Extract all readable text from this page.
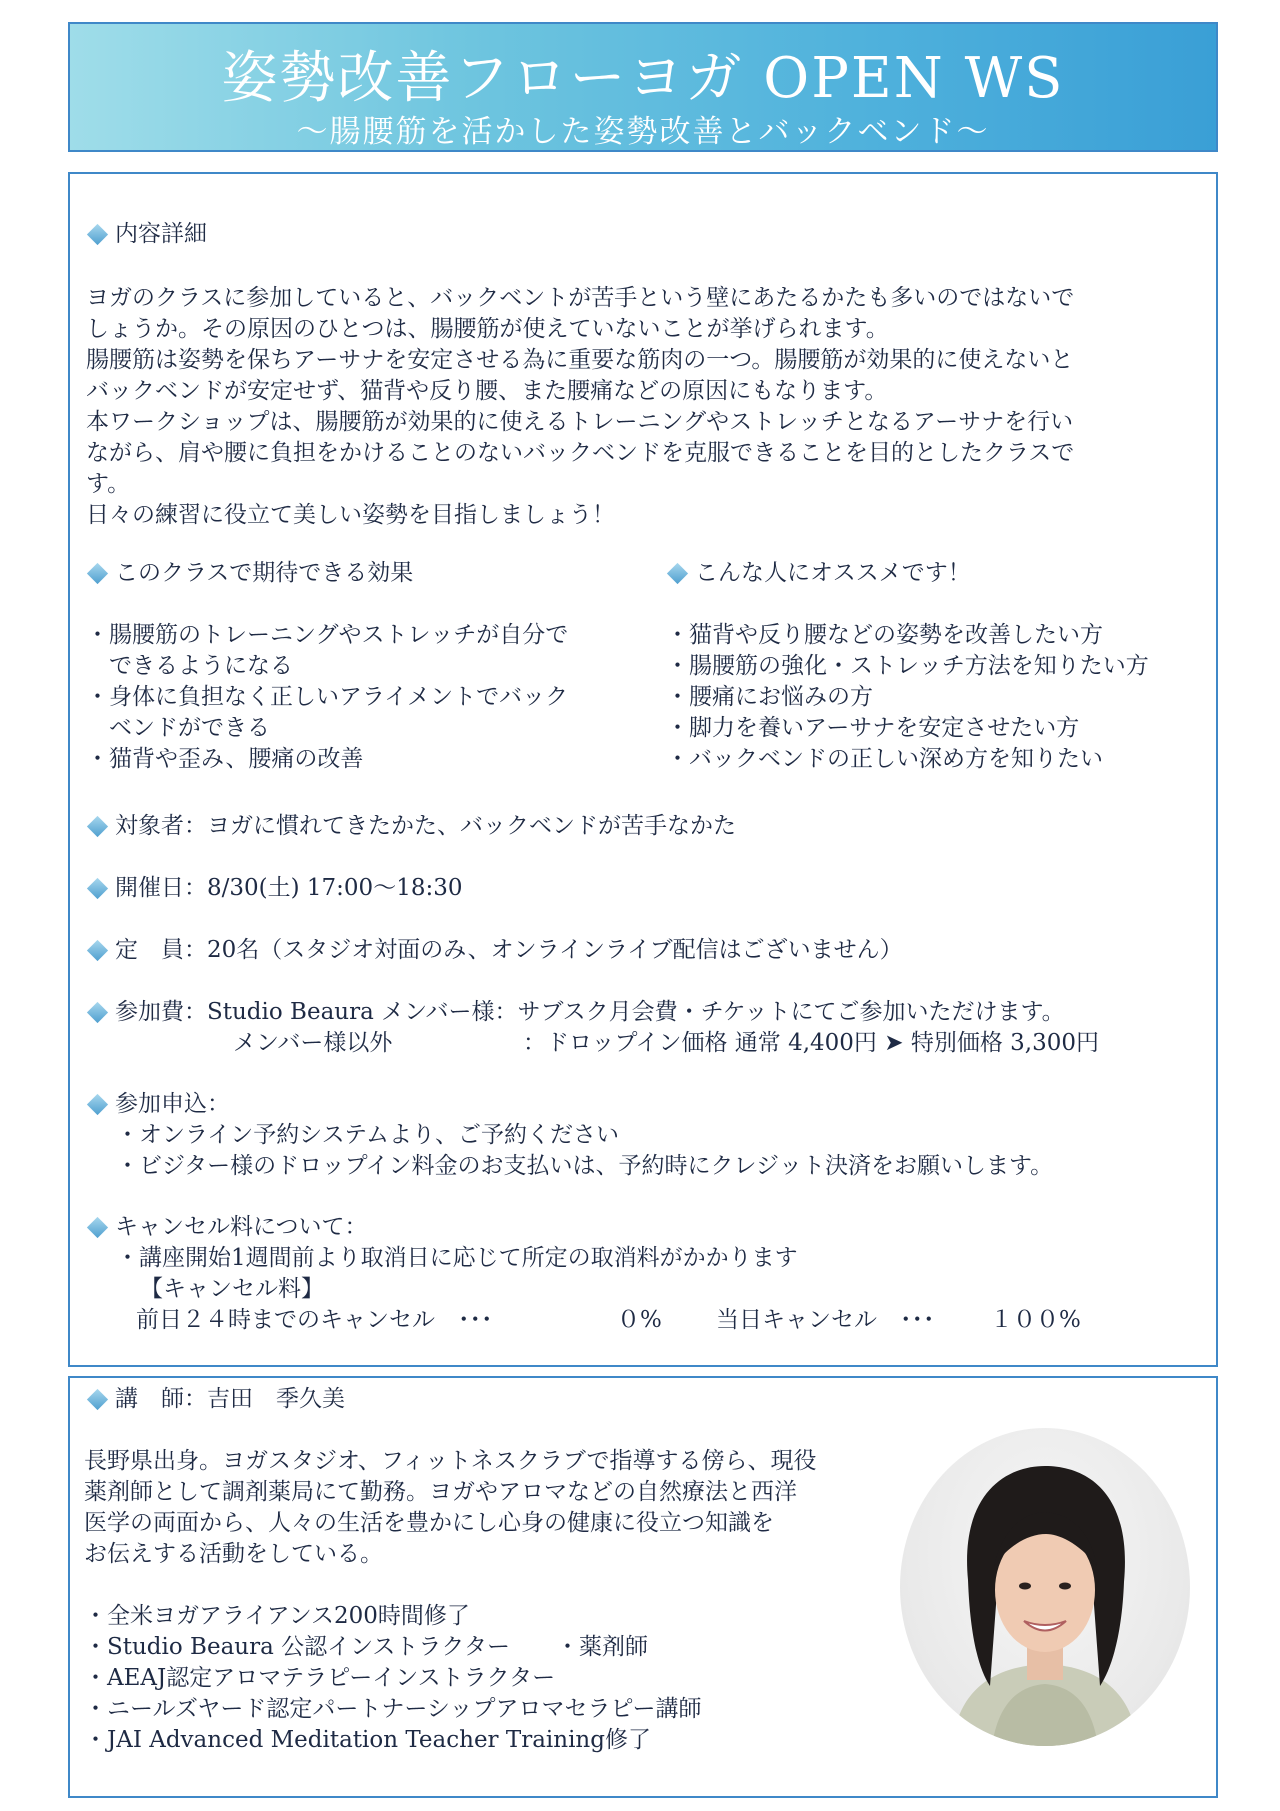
姿勢改善フローヨガ OPEN WS
〜腸腰筋を活かした姿勢改善とバックベンド〜
内容詳細
ヨガのクラスに参加していると、バックベントが苦手という壁にあたるかたも多いのではないで
しょうか。その原因のひとつは、腸腰筋が使えていないことが挙げられます。
腸腰筋は姿勢を保ちアーサナを安定させる為に重要な筋肉の一つ。腸腰筋が効果的に使えないと
バックベンドが安定せず、猫背や反り腰、また腰痛などの原因にもなります。
本ワークショップは、腸腰筋が効果的に使えるトレーニングやストレッチとなるアーサナを行い
ながら、肩や腰に負担をかけることのないバックベンドを克服できることを目的としたクラスで
す。
日々の練習に役立て美しい姿勢を目指しましょう！
このクラスで期待できる効果	こんな人にオススメです！
・腸腰筋のトレーニングやストレッチが自分で
　できるようになる
・身体に負担なく正しいアライメントでバック
　ベンドができる
・猫背や歪み、腰痛の改善
・猫背や反り腰などの姿勢を改善したい方
・腸腰筋の強化・ストレッチ方法を知りたい方
・腰痛にお悩みの方
・脚力を養いアーサナを安定させたい方
・バックベンドの正しい深め方を知りたい
対象者：ヨガに慣れてきたかた、バックベンドが苦手なかた
開催日：8/30(土) 17:00〜18:30
定　員：20名（スタジオ対面のみ、オンラインライブ配信はございません）
参加費：Studio Beaura メンバー様：サブスク月会費・チケットにてご参加いただけます。
メンバー様以外	：ドロップイン価格 通常 4,400円 ➤ 特別価格 3,300円
参加申込：
・オンライン予約システムより、ご予約ください
・ビジター様のドロップイン料金のお支払いは、予約時にクレジット決済をお願いします。
キャンセル料について：
・講座開始1週間前より取消日に応じて所定の取消料がかかります
【キャンセル料】
前日２４時までのキャンセル　･･･	０% 当日キャンセル　･･･ １００%
講　師：吉田　季久美
長野県出身。ヨガスタジオ、フィットネスクラブで指導する傍ら、現役
薬剤師として調剤薬局にて勤務。ヨガやアロマなどの自然療法と西洋
医学の両面から、人々の生活を豊かにし心身の健康に役立つ知識を
お伝えする活動をしている。
・全米ヨガアライアンス200時間修了
・Studio Beaura 公認インストラクター　　・薬剤師
・AEAJ認定アロマテラピーインストラクター
・ニールズヤード認定パートナーシップアロマセラピー講師
・JAI Advanced Meditation Teacher Training修了
